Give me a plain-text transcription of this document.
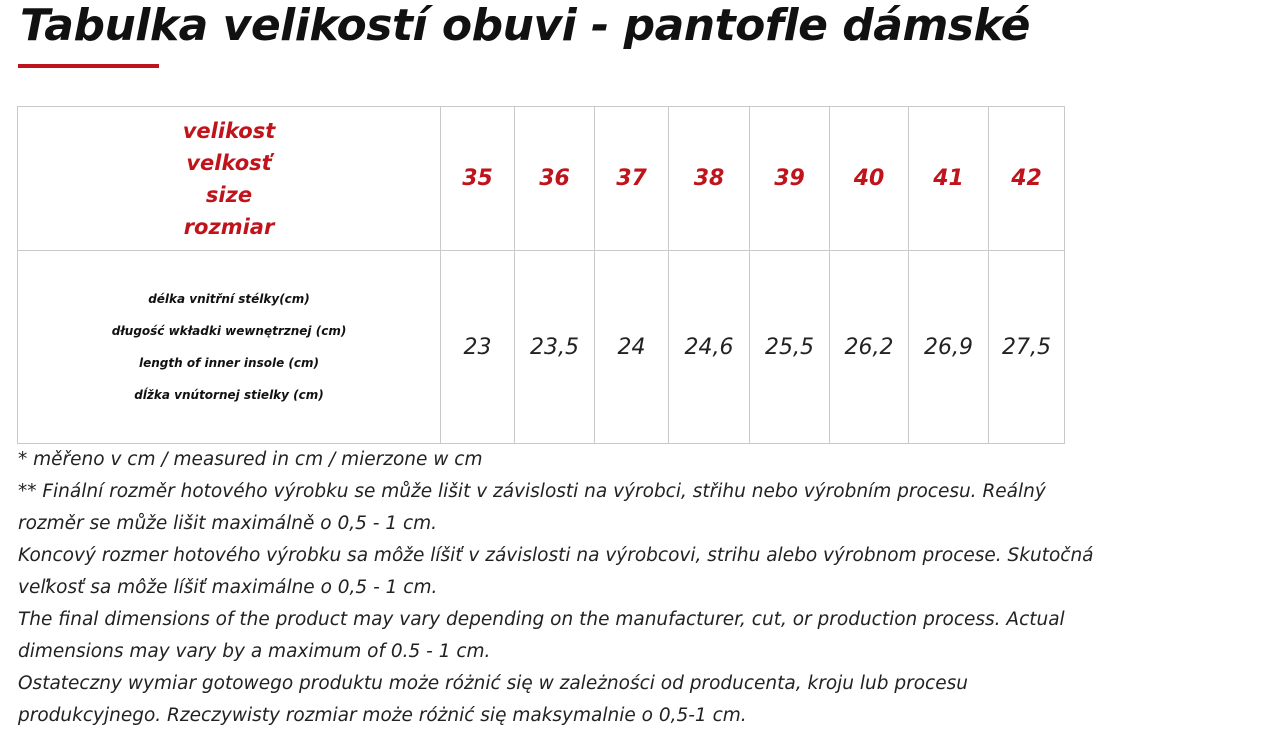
Tabulka velikostí obuvi - pantofle dámské
velikost
velkosť
size
rozmiar	35	36	37	38	39	40	41	42

délka vnitřní stélky(cm)
długość wkładki wewnętrznej (cm)
length of inner insole (cm)
dĺžka vnútornej stielky (cm)	23	23,5	24	24,6	25,5	26,2	26,9	27,5

* měřeno v cm / measured in cm / mierzone w cm

** Finální rozměr hotového výrobku se může lišit v závislosti na výrobci, střihu nebo výrobním procesu. Reálný

rozměr se může lišit maximálně o 0,5 - 1 cm.

Koncový rozmer hotového výrobku sa môže líšiť v závislosti na výrobcovi, strihu alebo výrobnom procese. Skutočná

veľkosť sa môže líšiť maximálne o 0,5 - 1 cm.

The final dimensions of the product may vary depending on the manufacturer, cut, or production process. Actual

dimensions may vary by a maximum of 0.5 - 1 cm.

Ostateczny wymiar gotowego produktu może różnić się w zależności od producenta, kroju lub procesu

produkcyjnego. Rzeczywisty rozmiar może różnić się maksymalnie o 0,5-1 cm.
